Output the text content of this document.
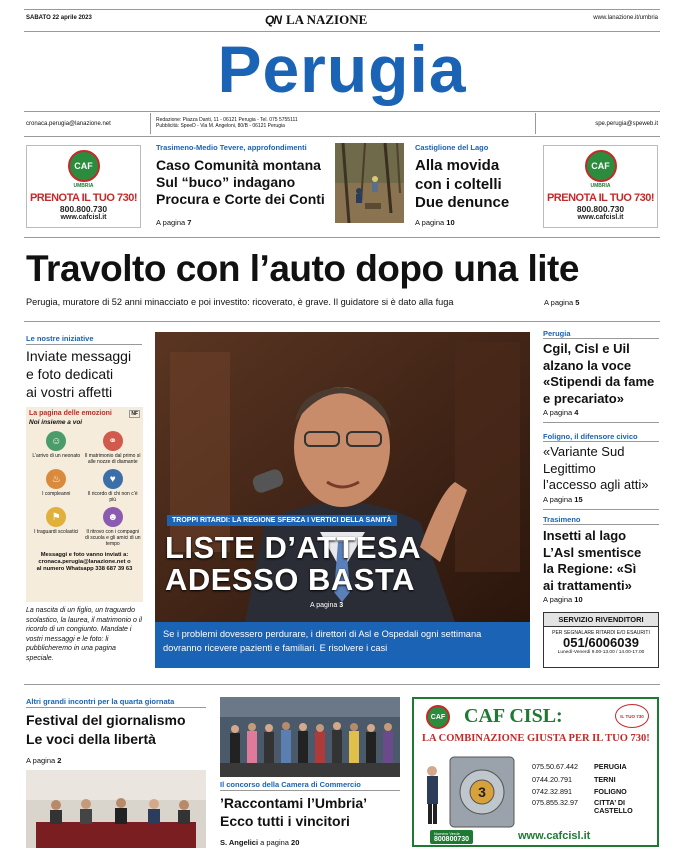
SABATO 22 aprile 2023	QN LA NAZIONE	www.lanazione.it/umbria
Perugia
cronaca.perugia@lanazione.net
Redazione: Piazza Danti, 11 - 06121 Perugia - Tel. 075 5755111
Pubblicità: SpeeD - Via M. Angeloni, 80/B - 06121 Perugia	spe.perugia@speweb.it
CAF
UMBRIA
PRENOTA IL TUO 730!
800.800.730
www.cafcisl.it
Trasimeno-Medio Tevere, approfondimenti
Caso Comunità montana
Sul “buco” indagano
Procura e Corte dei Conti
A pagina 7
Castiglione del Lago
Alla movida
con i coltelli
Due denunce
A pagina 10
CAF
UMBRIA
PRENOTA IL TUO 730!
800.800.730
www.cafcisl.it
Travolto con l’auto dopo una lite
Perugia, muratore di 52 anni minacciato e poi investito: ricoverato, è grave. Il guidatore si è dato alla fuga	A pagina 5
Le nostre iniziative
Inviate messaggi
e foto dedicati
ai vostri affetti
La pagina delle emozioni	NF
Noi insieme a voi
☺
L’arrivo di un neonato
⚭
Il matrimonio dal primo sì alle nozze di diamante
♨
I compleanni
♥
Il ricordo di chi non c’è più
⚑
I traguardi scolastici
☻
Il ritrovo con i compagni di scuola e gli amici di un tempo
Messaggi e foto vanno inviati a:
cronaca.perugia@lanazione.net o
al numero Whatsapp 338 687 39 63
La nascita di un figlio, un traguardo scolastico, la laurea, il matrimonio o il ricordo di un congiunto. Mandate i vostri messaggi e le foto: li pubblicheremo in una pagina speciale.
TROPPI RITARDI: LA REGIONE SFERZA I VERTICI DELLA SANITÀ
LISTE D’ATTESA
ADESSO BASTA
A pagina 3
Se i problemi dovessero perdurare, i direttori di Asl e Ospedali ogni settimana dovranno ricevere pazienti e familiari. E risolvere i casi
Perugia
Cgil, Cisl e Uil
alzano la voce
«Stipendi da fame
e precariato»
A pagina 4
Foligno, il difensore civico
«Variante Sud
Legittimo
l’accesso agli atti»
A pagina 15
Trasimeno
Insetti al lago
L’Asl smentisce
la Regione: «Sì
ai trattamenti»
A pagina 10
SERVIZIO RIVENDITORI
PER SEGNALARE RITARDI E/O ESAURITI
051/6006039
Lunedì-Venerdì 9.00-13.00 / 14.00-17.00
Altri grandi incontri per la quarta giornata
Festival del giornalismo
Le voci della libertà
A pagina 2
Il concorso della Camera di Commercio
’Raccontami l’Umbria’
Ecco tutti i vincitori
S. Angelici a pagina 20
CAF CAF CISL:	IL TUO 730
LA COMBINAZIONE GIUSTA PER IL TUO 730!
3
075.50.67.442	PERUGIA
0744.20.791	TERNI
0742.32.891	FOLIGNO
075.855.32.97	CITTA’ DI CASTELLO
Numero Verde
800800730	www.cafcisl.it
